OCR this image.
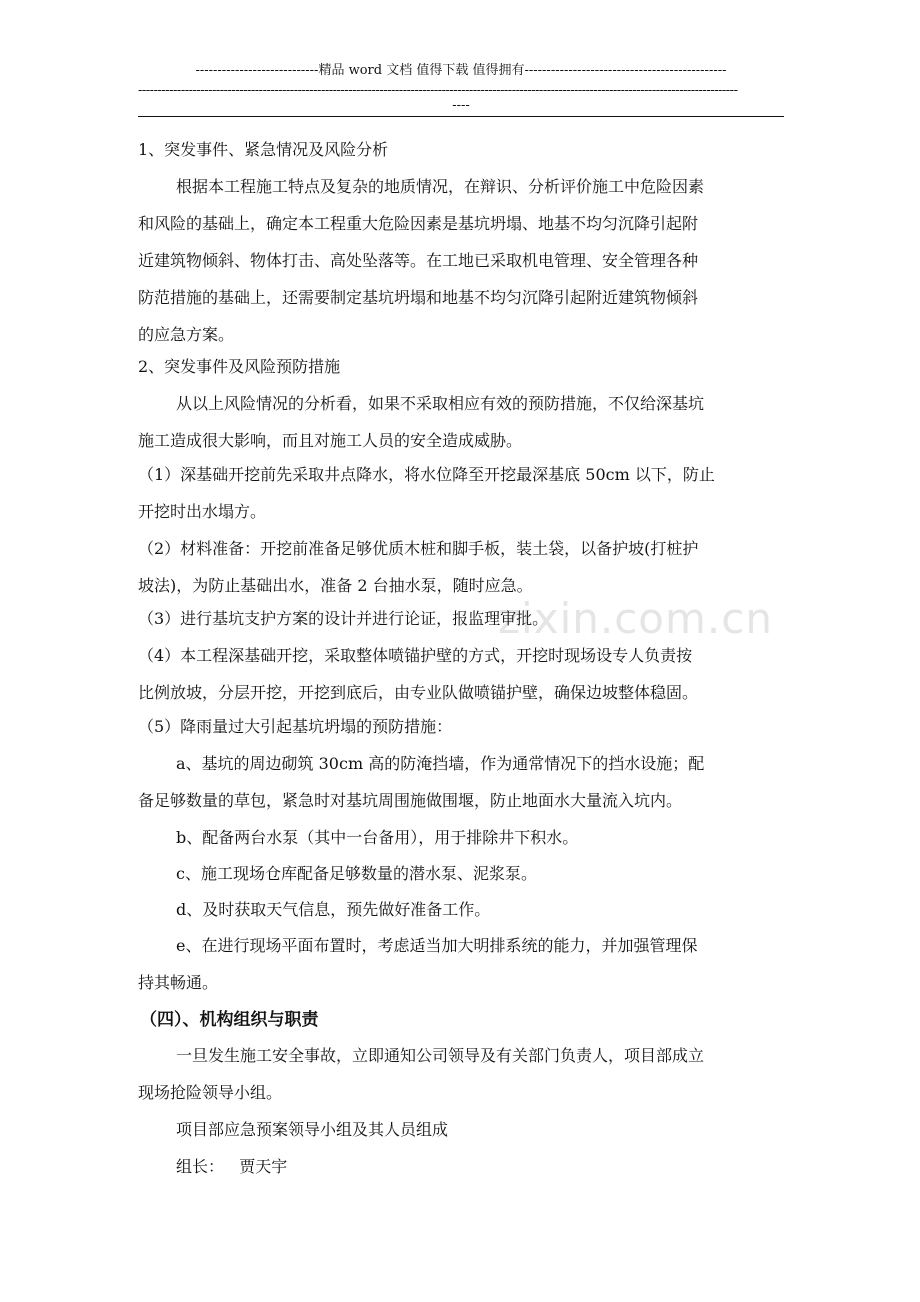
----------------------------精品 word 文档 值得下载 值得拥有----------------------------------------------
----------------------------------------------------------------------------------------------------------------------------------------------------------
----
zixin.com.cn
1、突发事件、紧急情况及风险分析
根据本工程施工特点及复杂的地质情况，在辩识、分析评价施工中危险因素
和风险的基础上，确定本工程重大危险因素是基坑坍塌、地基不均匀沉降引起附
近建筑物倾斜、物体打击、高处坠落等。在工地已采取机电管理、安全管理各种
防范措施的基础上，还需要制定基坑坍塌和地基不均匀沉降引起附近建筑物倾斜
的应急方案。
2、突发事件及风险预防措施
从以上风险情况的分析看，如果不采取相应有效的预防措施，不仅给深基坑
施工造成很大影响，而且对施工人员的安全造成威胁。
（1）深基础开挖前先采取井点降水，将水位降至开挖最深基底 50cm 以下，防止
开挖时出水塌方。
（2）材料准备：开挖前准备足够优质木桩和脚手板，装土袋，以备护坡(打桩护
坡法)，为防止基础出水，准备 2 台抽水泵，随时应急。
（3）进行基坑支护方案的设计并进行论证，报监理审批。
（4）本工程深基础开挖，采取整体喷锚护壁的方式，开挖时现场设专人负责按
比例放坡，分层开挖，开挖到底后，由专业队做喷锚护壁，确保边坡整体稳固。
（5）降雨量过大引起基坑坍塌的预防措施：
a、基坑的周边砌筑 30cm 高的防淹挡墙，作为通常情况下的挡水设施；配
备足够数量的草包，紧急时对基坑周围施做围堰，防止地面水大量流入坑内。
b、配备两台水泵（其中一台备用），用于排除井下积水。
c、施工现场仓库配备足够数量的潜水泵、泥浆泵。
d、及时获取天气信息，预先做好准备工作。
e、在进行现场平面布置时，考虑适当加大明排系统的能力，并加强管理保
持其畅通。
（四）、机构组织与职责
一旦发生施工安全事故，立即通知公司领导及有关部门负责人，项目部成立
现场抢险领导小组。
项目部应急预案领导小组及其人员组成
组长：   贾天宇
